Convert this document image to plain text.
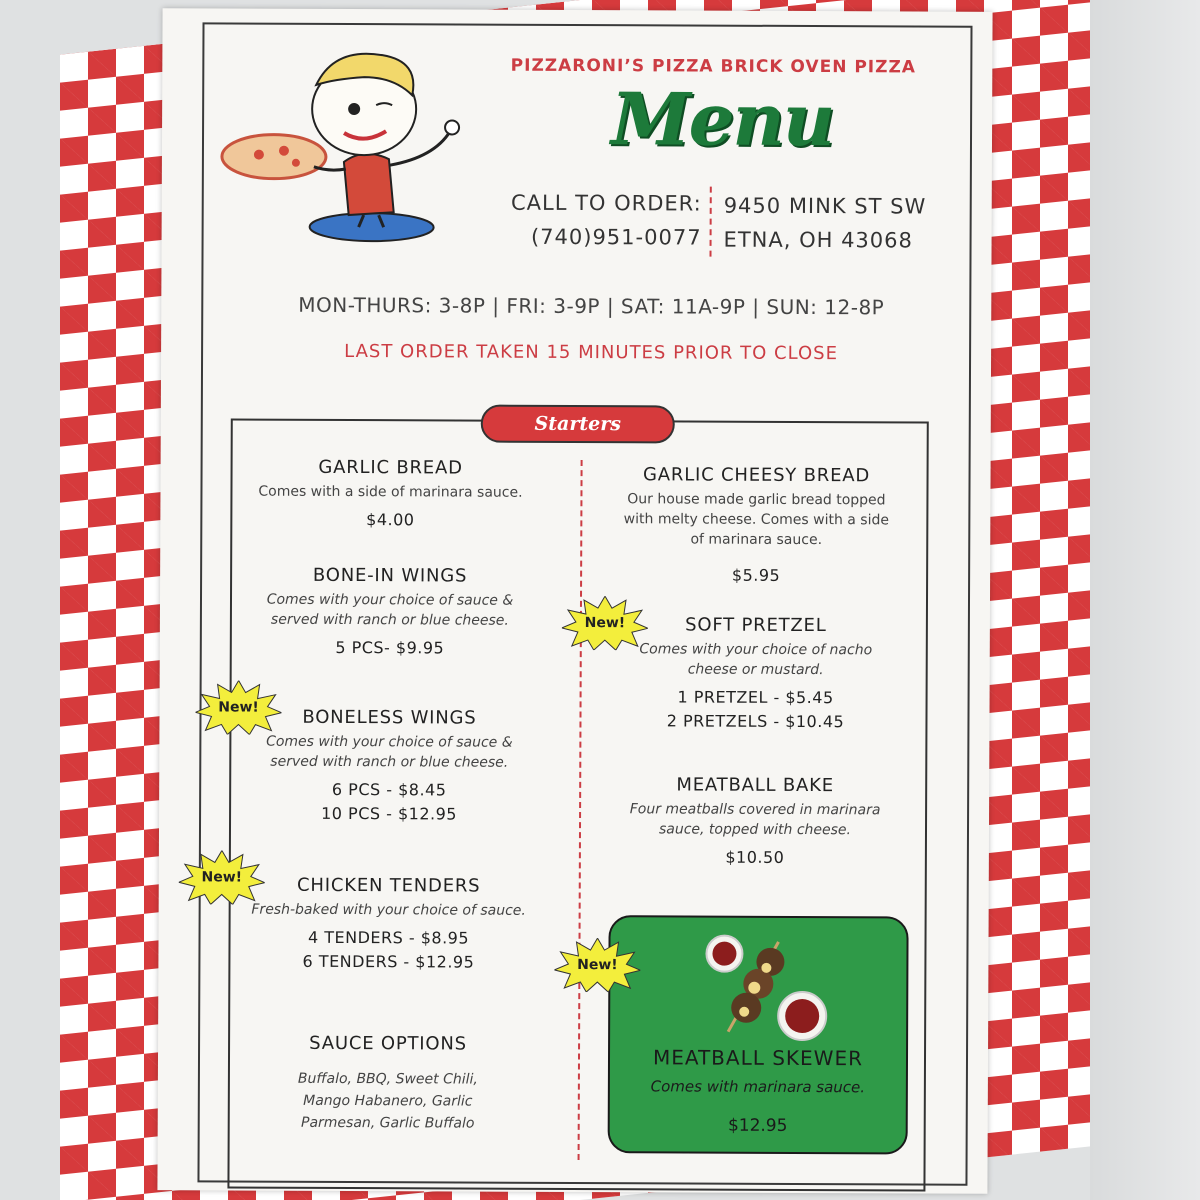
PIZZARONI’S PIZZA BRICK OVEN PIZZA
Menu
CALL TO ORDER:
(740)951-0077
9450 MINK ST SW
ETNA, OH 43068
MON-THURS: 3-8P | FRI: 3-9P | SAT: 11A-9P | SUN: 12-8P
LAST ORDER TAKEN 15 MINUTES PRIOR TO CLOSE
Starters
GARLIC BREAD
Comes with a side of marinara sauce.
$4.00
BONE-IN WINGS
Comes with your choice of sauce & served with ranch or blue cheese.
5 PCS- $9.95
New!	BONELESS WINGS
Comes with your choice of sauce & served with ranch or blue cheese.
6 PCS - $8.45
10 PCS - $12.95
New!	CHICKEN TENDERS
Fresh-baked with your choice of sauce.
4 TENDERS - $8.95
6 TENDERS - $12.95
SAUCE OPTIONS
Buffalo, BBQ, Sweet Chili, Mango Habanero, Garlic Parmesan, Garlic Buffalo
GARLIC CHEESY BREAD
Our house made garlic bread topped with melty cheese. Comes with a side of marinara sauce.
$5.95
New!	SOFT PRETZEL
Comes with your choice of nacho cheese or mustard.
1 PRETZEL - $5.45
2 PRETZELS - $10.45
MEATBALL BAKE
Four meatballs covered in marinara sauce, topped with cheese.
$10.50
MEATBALL SKEWER
Comes with marinara sauce.
$12.95
New!
